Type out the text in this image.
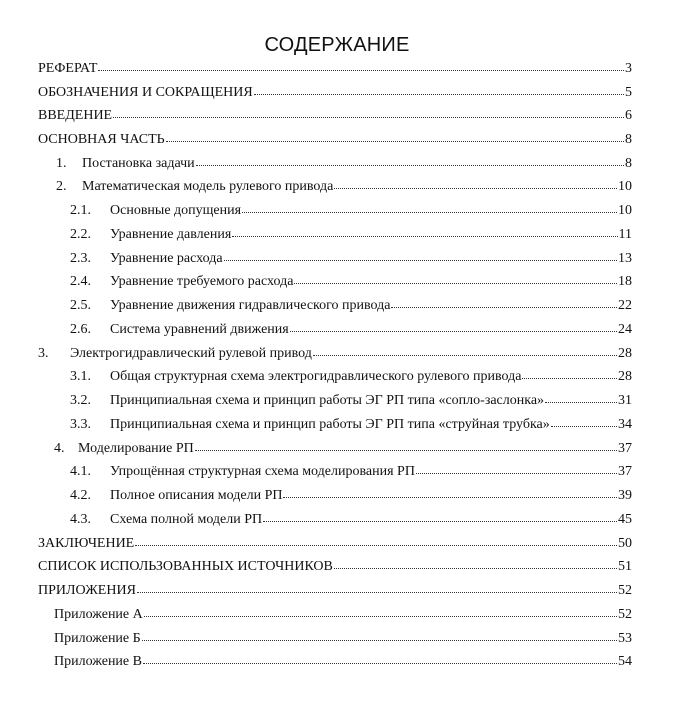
СОДЕРЖАНИЕ
РЕФЕРАТ	3
ОБОЗНАЧЕНИЯ И СОКРАЩЕНИЯ	5
ВВЕДЕНИЕ	6
ОСНОВНАЯ ЧАСТЬ	8
1.	Постановка задачи	8
2.	Математическая модель рулевого привода	10
2.1.	Основные допущения	10
2.2.	Уравнение давления	11
2.3.	Уравнение расхода	13
2.4.	Уравнение требуемого расхода	18
2.5.	Уравнение движения гидравлического привода	22
2.6.	Система уравнений движения	24
3.	Электрогидравлический рулевой привод	28
3.1.	Общая структурная схема электрогидравлического рулевого привода	28
3.2.	Принципиальная схема и принцип работы ЭГ РП типа «сопло-заслонка»	31
3.3.	Принципиальная схема и принцип работы ЭГ РП типа «струйная трубка»	34
4. Моделирование РП	37
4.1.	Упрощённая структурная схема моделирования РП	37
4.2.	Полное описания модели РП	39
4.3.	Схема полной модели РП	45
ЗАКЛЮЧЕНИЕ	50
СПИСОК ИСПОЛЬЗОВАННЫХ ИСТОЧНИКОВ	51
ПРИЛОЖЕНИЯ	52
Приложение А	52
Приложение Б	53
Приложение В	54
